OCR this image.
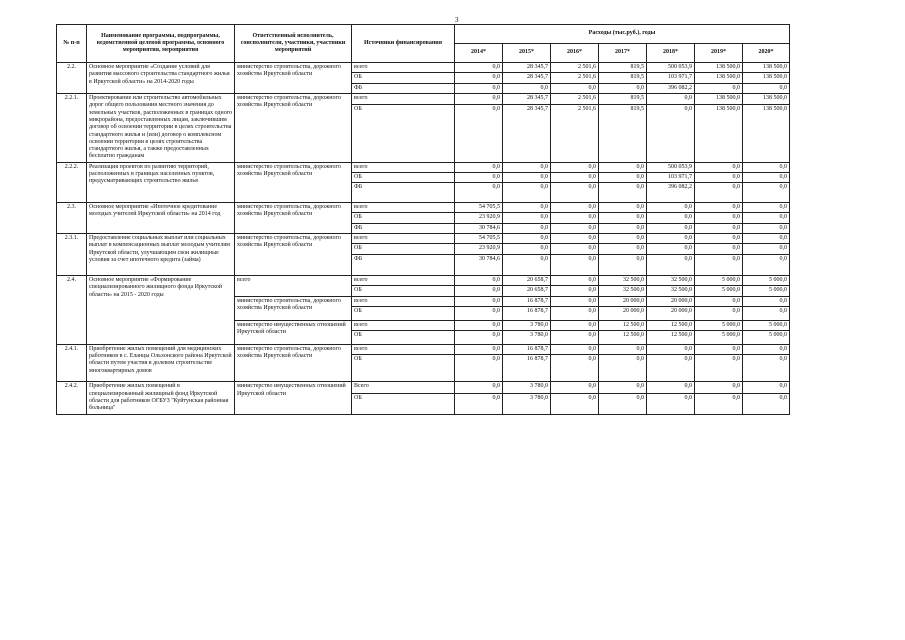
3
№ п-п	Наименование программы, подпрограммы, ведомственной целевой программы, основного мероприятия, мероприятия	Ответственный исполнитель, соисполнители, участники, участники мероприятий	Источники финансирования	Расходы (тыс.руб.), годы						
				2014*	2015*	2016*	2017*	2018*	2019*	2020*
2.2.	Основное мероприятие «Создание условий для развития массового строительства стандартного жилья в Иркутской области» на 2014-2020 годы	министерство строительства, дорожного хозяйства Иркутской области	всего	0,0	28 345,7	2 501,6	819,5	500 053,9	138 500,0	138 500,0
			ОБ	0,0	28 345,7	2 501,6	819,5	103 971,7	138 500,0	138 500,0
			ФБ	0,0	0,0	0,0	0,0	396 082,2	0,0	0,0
2.2.1.	Проектирование или строительство автомобильных дорог общего пользования местного значения до земельных участков, расположенных в границах одного микрорайона, предоставленных лицам, заключившим договор об освоении территории в целях строительства стандартного жилья и (или) договор о комплексном освоении территории в целях строительства стандартного жилья, а также предоставленных бесплатно гражданам	министерство строительства, дорожного хозяйства Иркутской области	всего	0,0	28 345,7	2 501,6	819,5	0,0	138 500,0	138 500,0
			ОБ	0,0	28 345,7	2 501,6	819,5	0,0	138 500,0	138 500,0
2.2.2.	Реализация проектов по развитию территорий, расположенных в границах населенных пунктов, предусматривающих строительство жилья	министерство строительства, дорожного хозяйства Иркутской области	всего	0,0	0,0	0,0	0,0	500 053,9	0,0	0,0
			ОБ	0,0	0,0	0,0	0,0	103 971,7	0,0	0,0
			ФБ	0,0	0,0	0,0	0,0	396 082,2	0,0	0,0
2.3.	Основное мероприятие «Ипотечное кредитование молодых учителей Иркутской области» на 2014 год	министерство строительства, дорожного хозяйства Иркутской области	всего	54 705,5	0,0	0,0	0,0	0,0	0,0	0,0
			ОБ	23 920,9	0,0	0,0	0,0	0,0	0,0	0,0
			ФБ	30 784,6	0,0	0,0	0,0	0,0	0,0	0,0
2.3.1.	Предоставление социальных выплат или социальных выплат в компенсационных выплат молодым учителям Иркутской области, улучшающим свои жилищные условия за счет ипотечного кредита (займа)	министерство строительства, дорожного хозяйства Иркутской области	всего	54 705,5	0,0	0,0	0,0	0,0	0,0	0,0
			ОБ	23 920,9	0,0	0,0	0,0	0,0	0,0	0,0
			ФБ	30 784,6	0,0	0,0	0,0	0,0	0,0	0,0
2.4.	Основное мероприятие «Формирование специализированного жилищного фонда Иркутской области» на 2015 - 2020 годы	всего	всего	0,0	20 658,7	0,0	32 500,0	32 500,0	5 000,0	5 000,0
			ОБ	0,0	20 658,7	0,0	32 500,0	32 500,0	5 000,0	5 000,0
		министерство строительства, дорожного хозяйства Иркутской области	всего	0,0	16 878,7	0,0	20 000,0	20 000,0	0,0	0,0
			ОБ	0,0	16 878,7	0,0	20 000,0	20 000,0	0,0	0,0
		министерство имущественных отношений Иркутской области	всего	0,0	3 780,0	0,0	12 500,0	12 500,0	5 000,0	5 000,0
			ОБ	0,0	3 780,0	0,0	12 500,0	12 500,0	5 000,0	5 000,0
2.4.1.	Приобретение жилых помещений для медицинских работников в с. Еланцы Ольхонского района Иркутской области путем участия в долевом строительстве многоквартирных домов	министерство строительства, дорожного хозяйства Иркутской области	всего	0,0	16 878,7	0,0	0,0	0,0	0,0	0,0
			ОБ	0,0	16 878,7	0,0	0,0	0,0	0,0	0,0
2.4.2.	Приобретение жилых помещений в специализированный жилищный фонд Иркутской области для работников ОГБУЗ "Куйтунская районная больница"	министерство имущественных отношений Иркутской области	Всего	0,0	3 780,0	0,0	0,0	0,0	0,0	0,0
			ОБ	0,0	3 780,0	0,0	0,0	0,0	0,0	0,0
